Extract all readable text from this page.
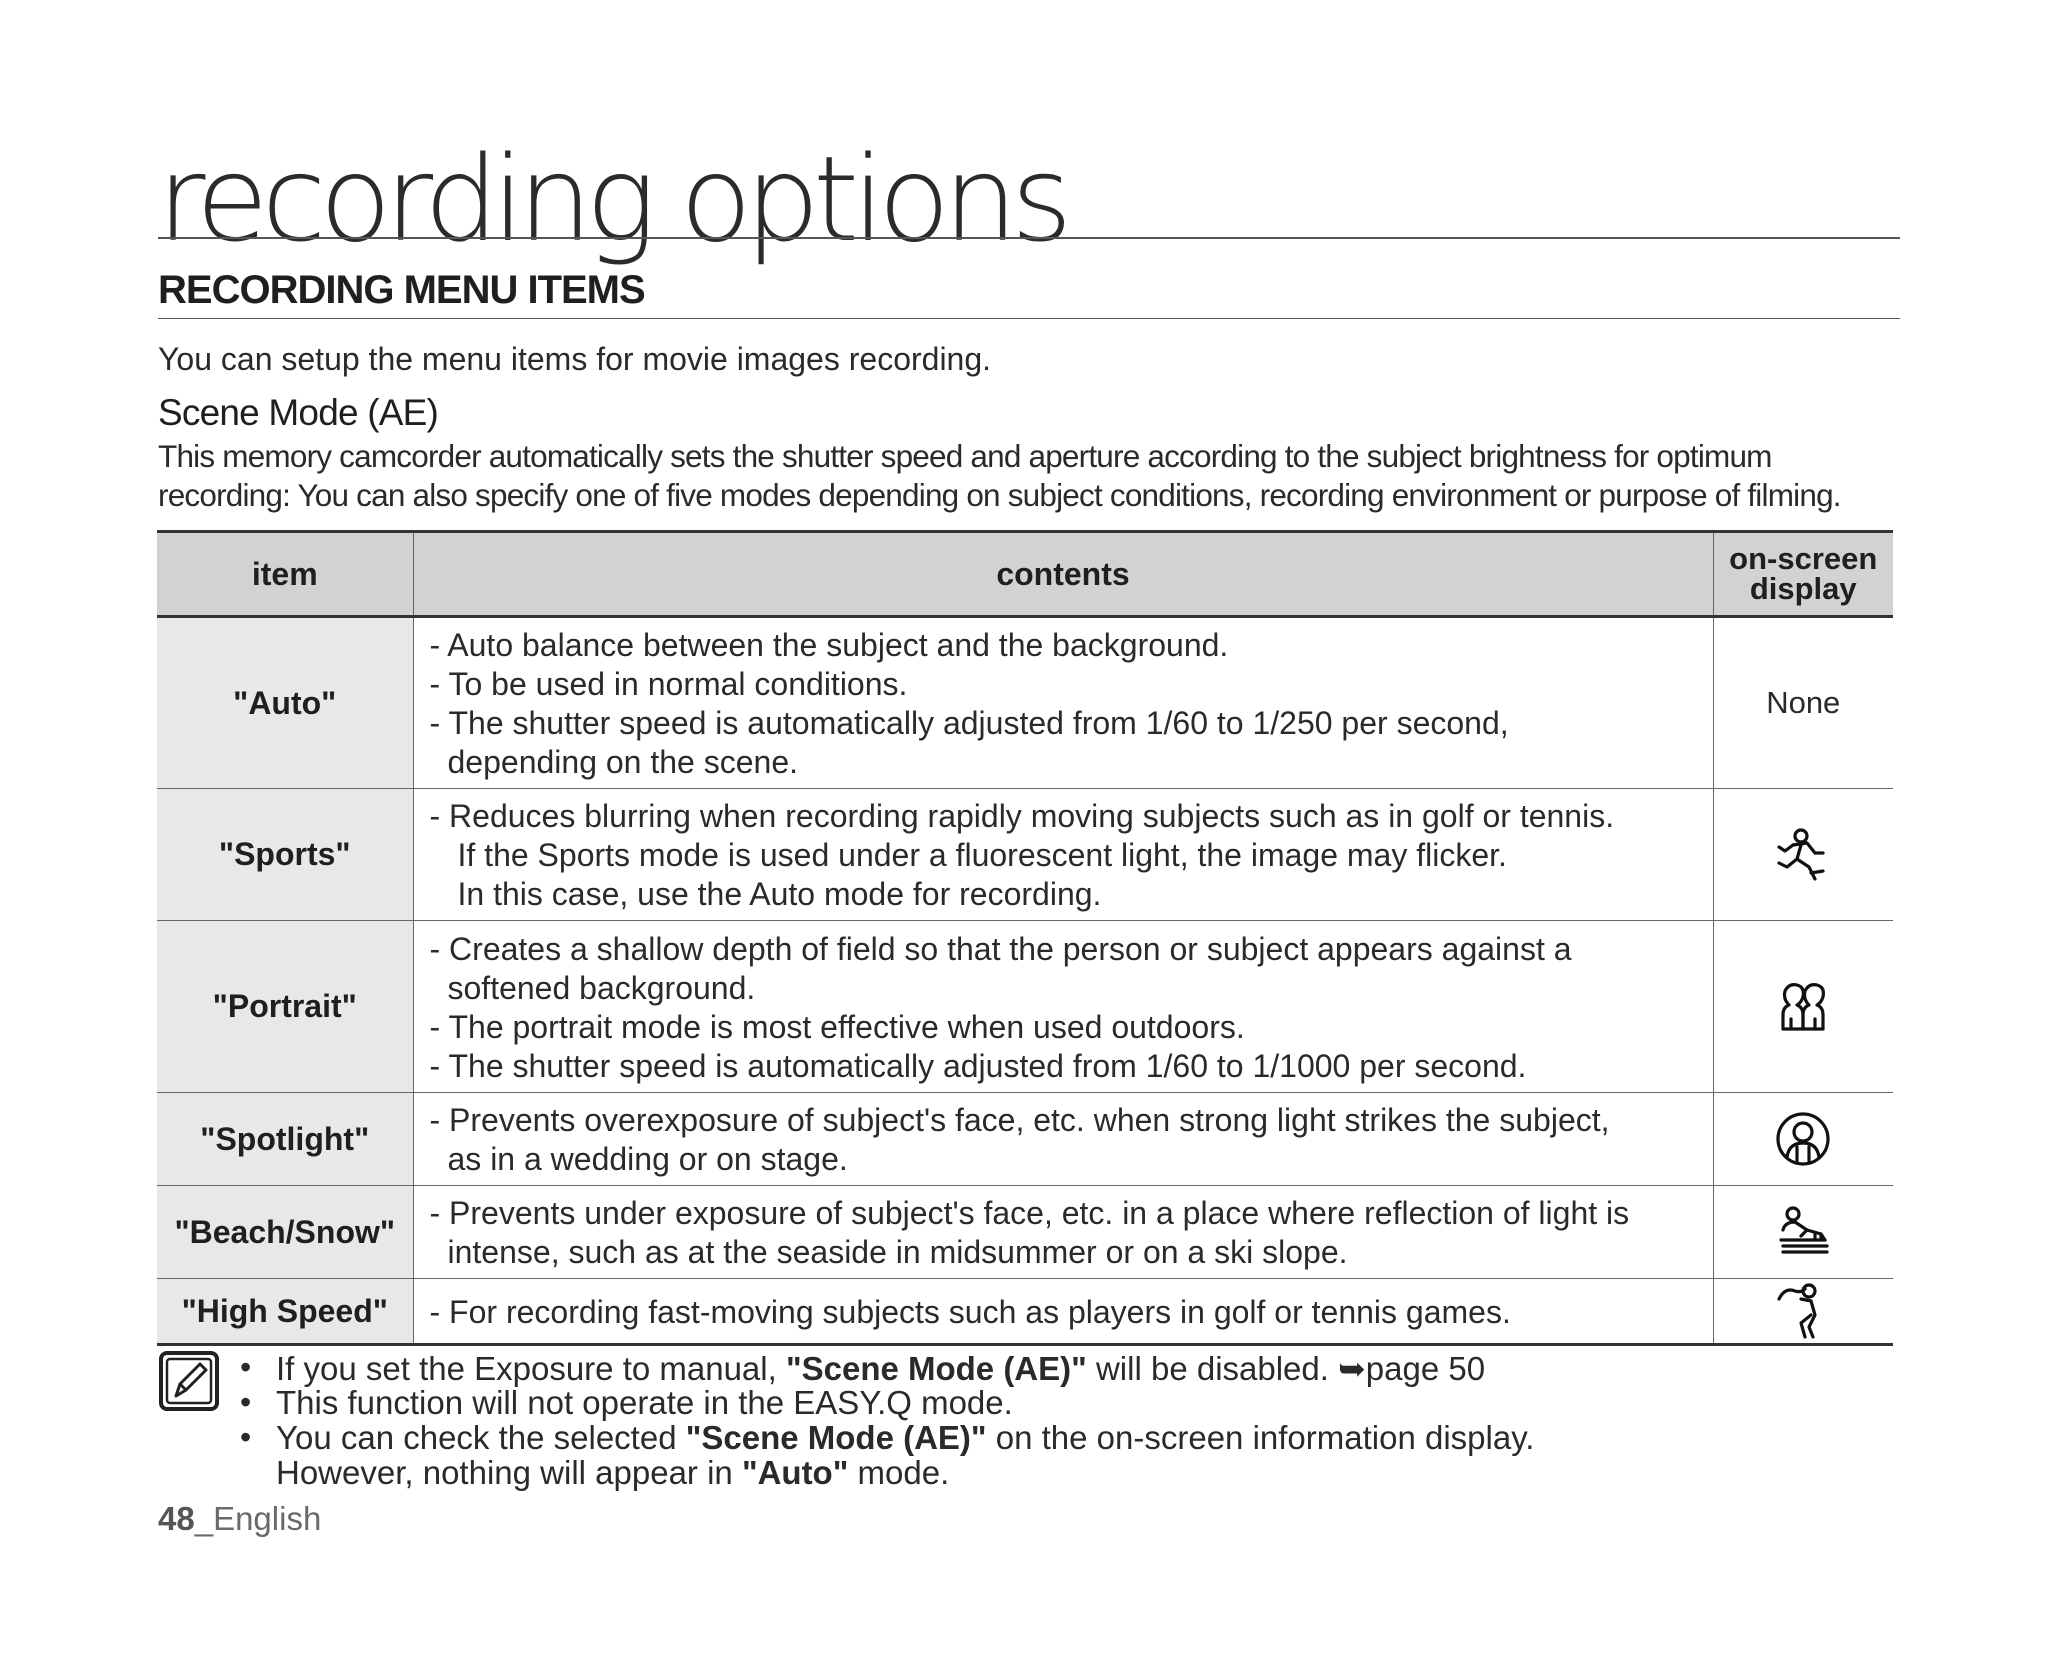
recording options
RECORDING MENU ITEMS
You can setup the menu items for movie images recording.
Scene Mode (AE)
This memory camcorder automatically sets the shutter speed and aperture according to the subject brightness for optimum
recording: You can also specify one of five modes depending on subject conditions, recording environment or purpose of filming.
item	contents	on-screen
display

"Auto"	- Auto balance between the subject and the background.
- To be used in normal conditions.
- The shutter speed is automatically adjusted from 1/60 to 1/250 per second,
depending on the scene.	None
"Sports"	- Reduces blurring when recording rapidly moving subjects such as in golf or tennis.
If the Sports mode is used under a fluorescent light, the image may flicker.
In this case, use the Auto mode for recording.

"Portrait"	- Creates a shallow depth of field so that the person or subject appears against a
softened background.
- The portrait mode is most effective when used outdoors.
- The shutter speed is automatically adjusted from 1/60 to 1/1000 per second.

"Spotlight"	- Prevents overexposure of subject's face, etc. when strong light strikes the subject,
as in a wedding or on stage.

"Beach/Snow"	- Prevents under exposure of subject's face, etc. in a place where reflection of light is
intense, such as at the seaside in midsummer or on a ski slope.

"High Speed"	- For recording fast-moving subjects such as players in golf or tennis games.

• If you set the Exposure to manual, "Scene Mode (AE)" will be disabled. ➥page 50
• This function will not operate in the EASY.Q mode.
• You can check the selected "Scene Mode (AE)" on the on-screen information display.
However, nothing will appear in "Auto" mode.
48_English
